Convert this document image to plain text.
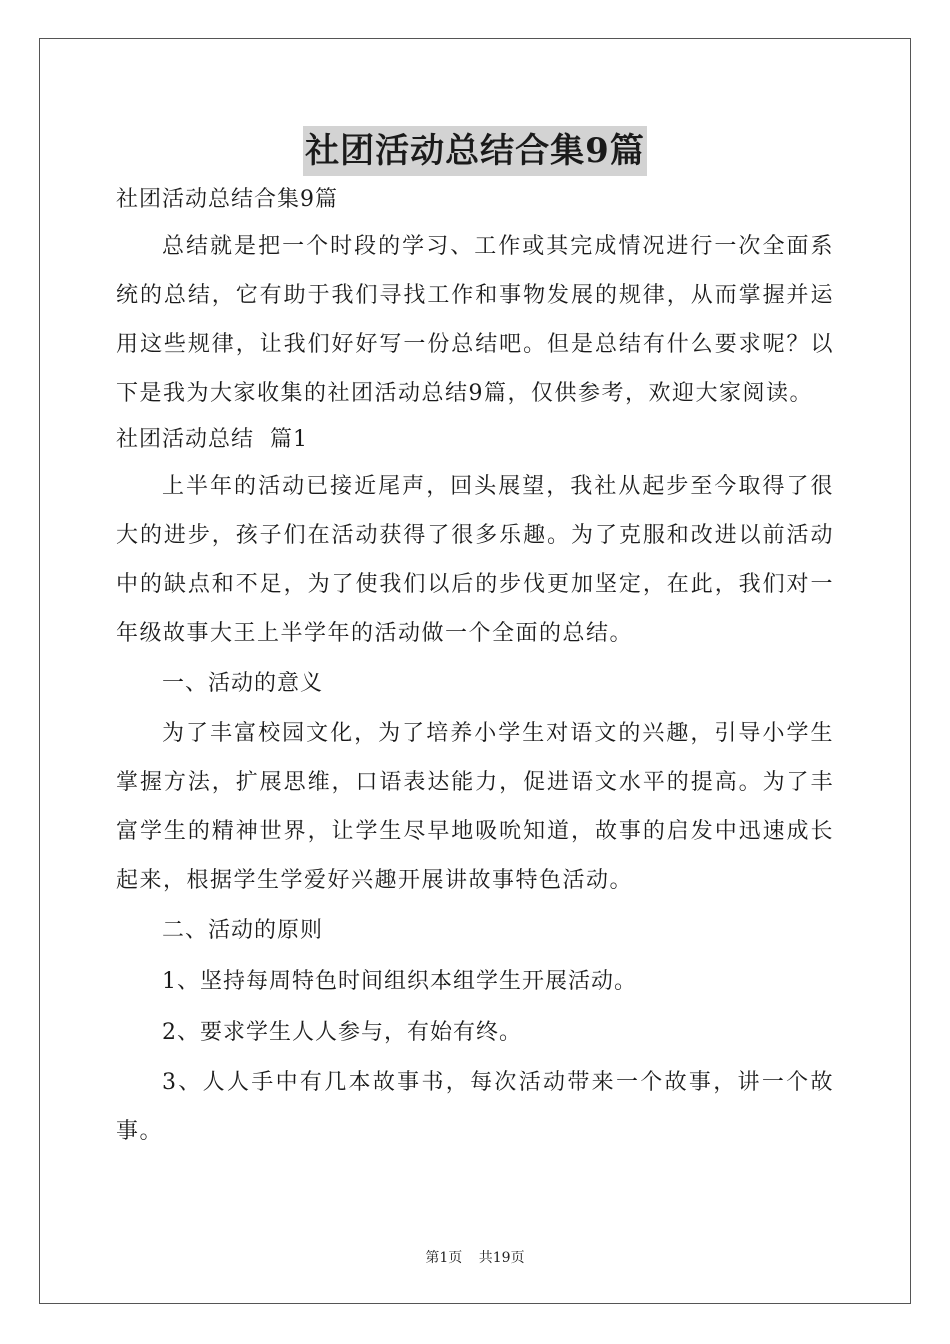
社团活动总结合集9篇

社团活动总结合集9篇

总结就是把一个时段的学习、工作或其完成情况进行一次全面系统的总结，它有助于我们寻找工作和事物发展的规律，从而掌握并运用这些规律，让我们好好写一份总结吧。但是总结有什么要求呢？以下是我为大家收集的社团活动总结9篇，仅供参考，欢迎大家阅读。

社团活动总结  篇1

上半年的活动已接近尾声，回头展望，我社从起步至今取得了很大的进步，孩子们在活动获得了很多乐趣。为了克服和改进以前活动中的缺点和不足，为了使我们以后的步伐更加坚定，在此，我们对一年级故事大王上半学年的活动做一个全面的总结。

一、活动的意义

为了丰富校园文化，为了培养小学生对语文的兴趣，引导小学生掌握方法，扩展思维，口语表达能力，促进语文水平的提高。为了丰富学生的精神世界，让学生尽早地吸吮知道，故事的启发中迅速成长起来，根据学生学爱好兴趣开展讲故事特色活动。

二、活动的原则

1、坚持每周特色时间组织本组学生开展活动。

2、要求学生人人参与，有始有终。

3、人人手中有几本故事书，每次活动带来一个故事，讲一个故事。

第1页 共19页
